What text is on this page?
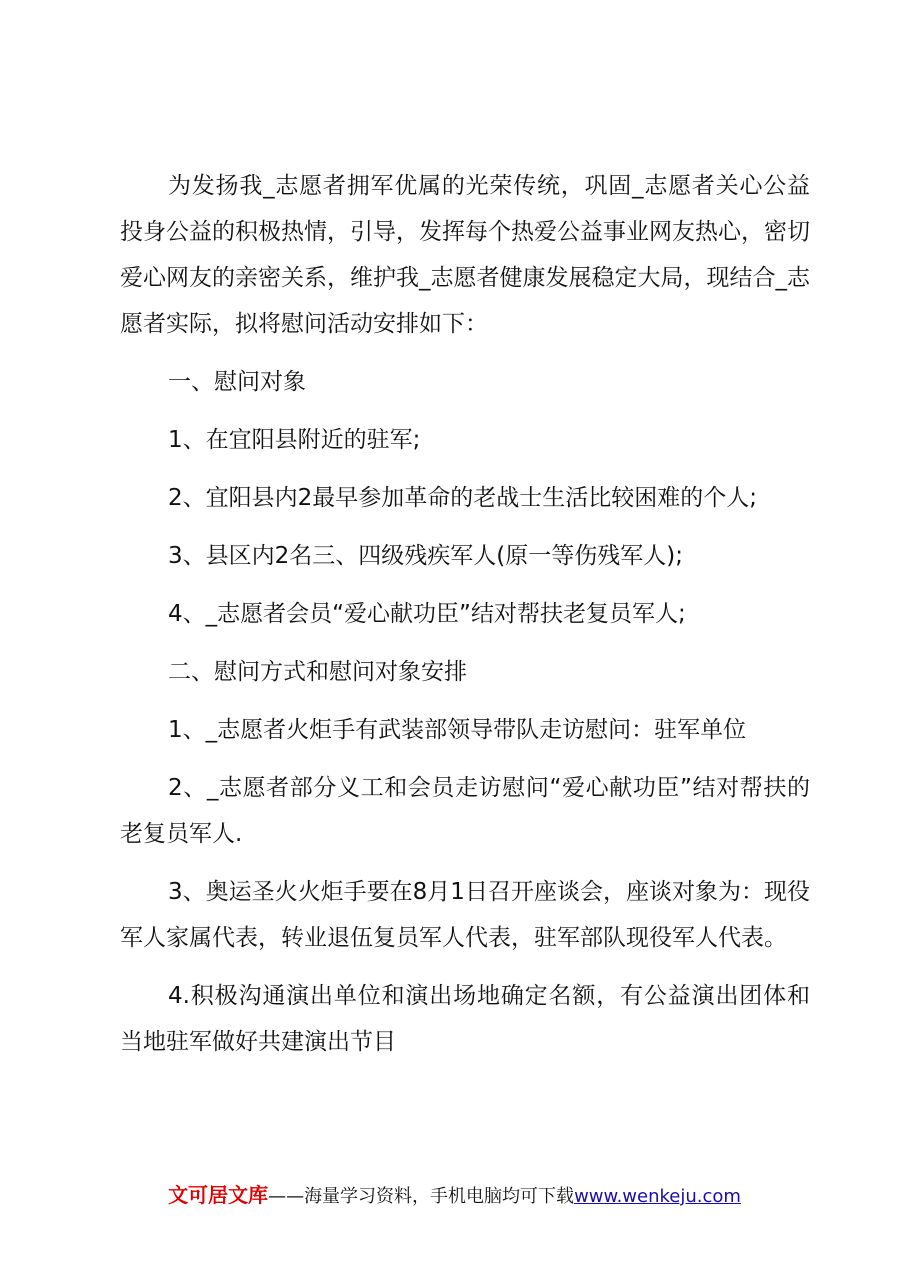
为发扬我_志愿者拥军优属的光荣传统，巩固_志愿者关心公益投身公益的积极热情，引导，发挥每个热爱公益事业网友热心，密切爱心网友的亲密关系，维护我_志愿者健康发展稳定大局，现结合_志愿者实际，拟将慰问活动安排如下：

一、慰问对象

1、在宜阳县附近的驻军;

2、宜阳县内2最早参加革命的老战士生活比较困难的个人;

3、县区内2名三、四级残疾军人(原一等伤残军人);

4、_志愿者会员“爱心献功臣”结对帮扶老复员军人;

二、慰问方式和慰问对象安排

1、_志愿者火炬手有武装部领导带队走访慰问：驻军单位

2、_志愿者部分义工和会员走访慰问“爱心献功臣”结对帮扶的老复员军人.

3、奥运圣火火炬手要在8月1日召开座谈会，座谈对象为：现役军人家属代表，转业退伍复员军人代表，驻军部队现役军人代表。

4.积极沟通演出单位和演出场地确定名额，有公益演出团体和当地驻军做好共建演出节目

文可居文库——海量学习资料，手机电脑均可下载www.wenkeju.com
